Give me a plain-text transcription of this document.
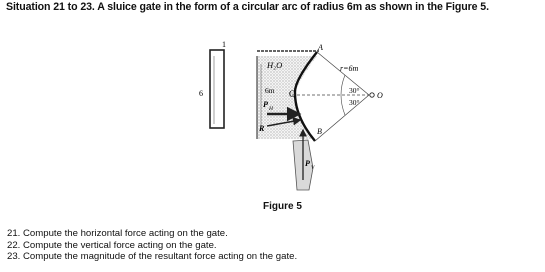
Situation 21 to 23. A sluice gate in the form of a circular arc of radius 6m as shown in the Figure 5.
1
6
H₂O
6m
P H
R
C
A
B
O
r=6m
30°
30°
P V
Figure 5
21. Compute the horizontal force acting on the gate.
22. Compute the vertical force acting on the gate.
23. Compute the magnitude of the resultant force acting on the gate.
